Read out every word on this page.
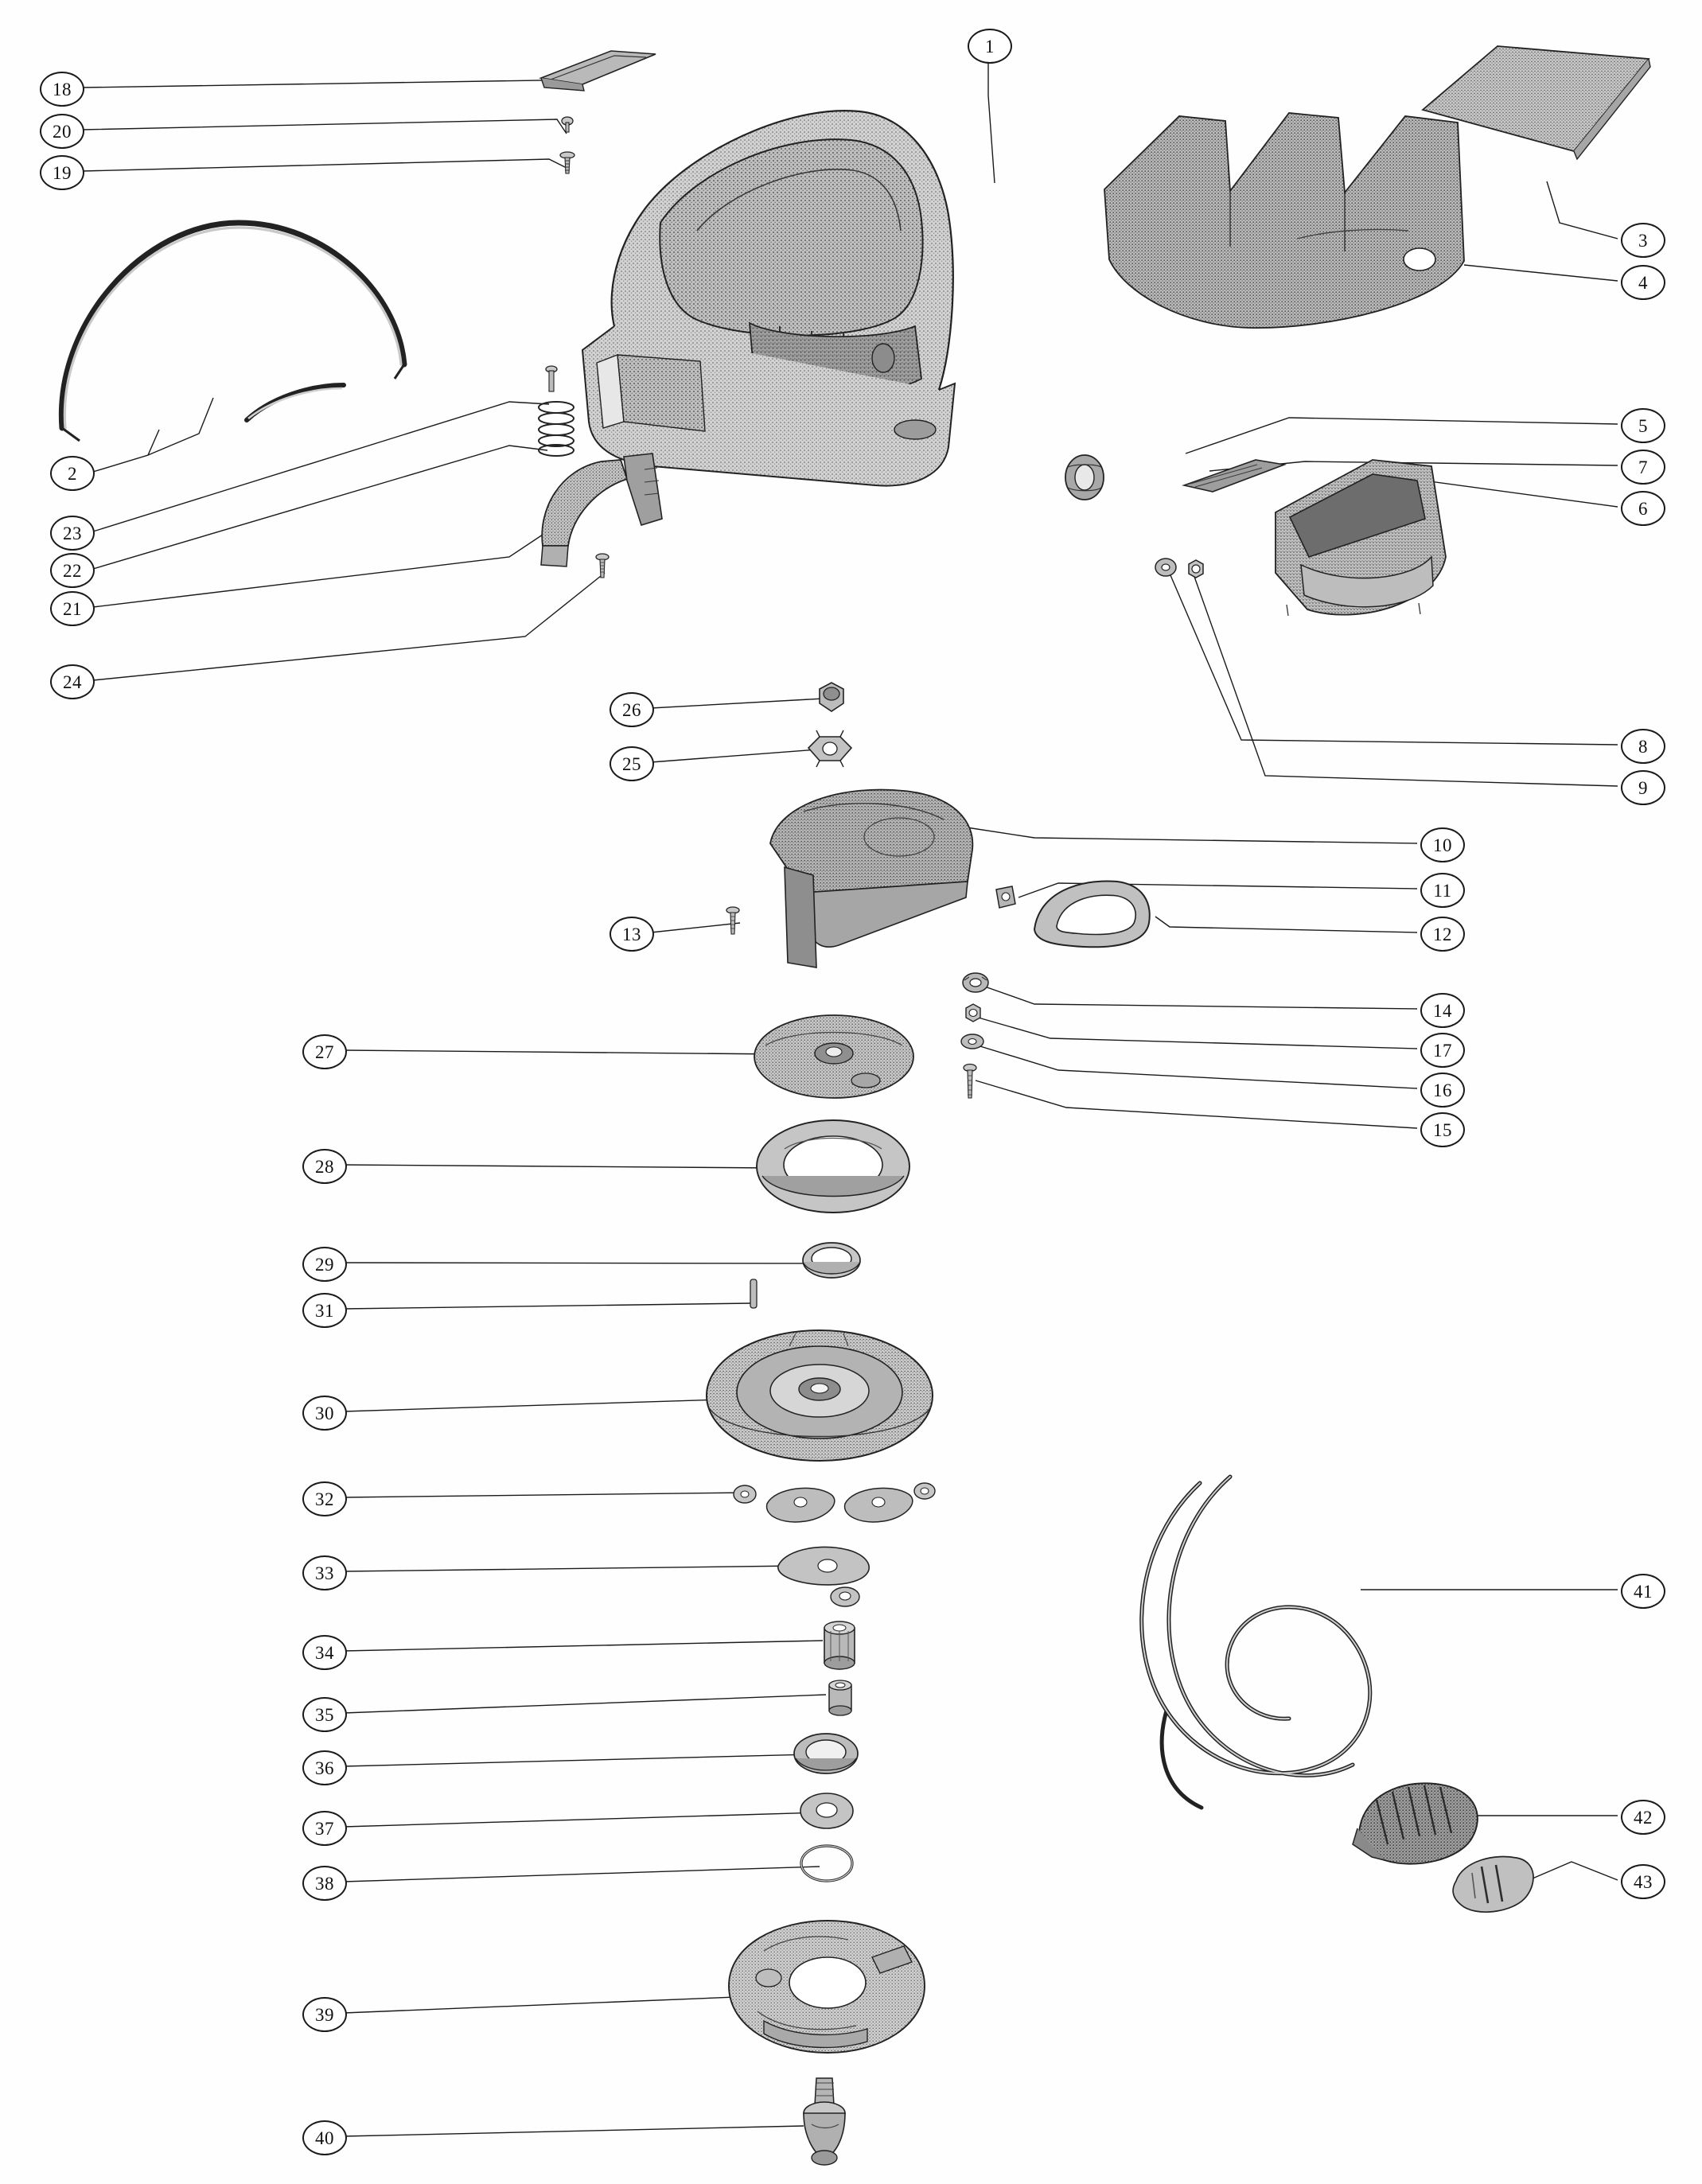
1
18
20
19
3
4
2
5
7
6
23
22
21
24
8
9
26
25
10
11
12
13
14
17
16
15
27
28
29
31
30
32
33
34
35
36
37
38
39
40
41
42
43
